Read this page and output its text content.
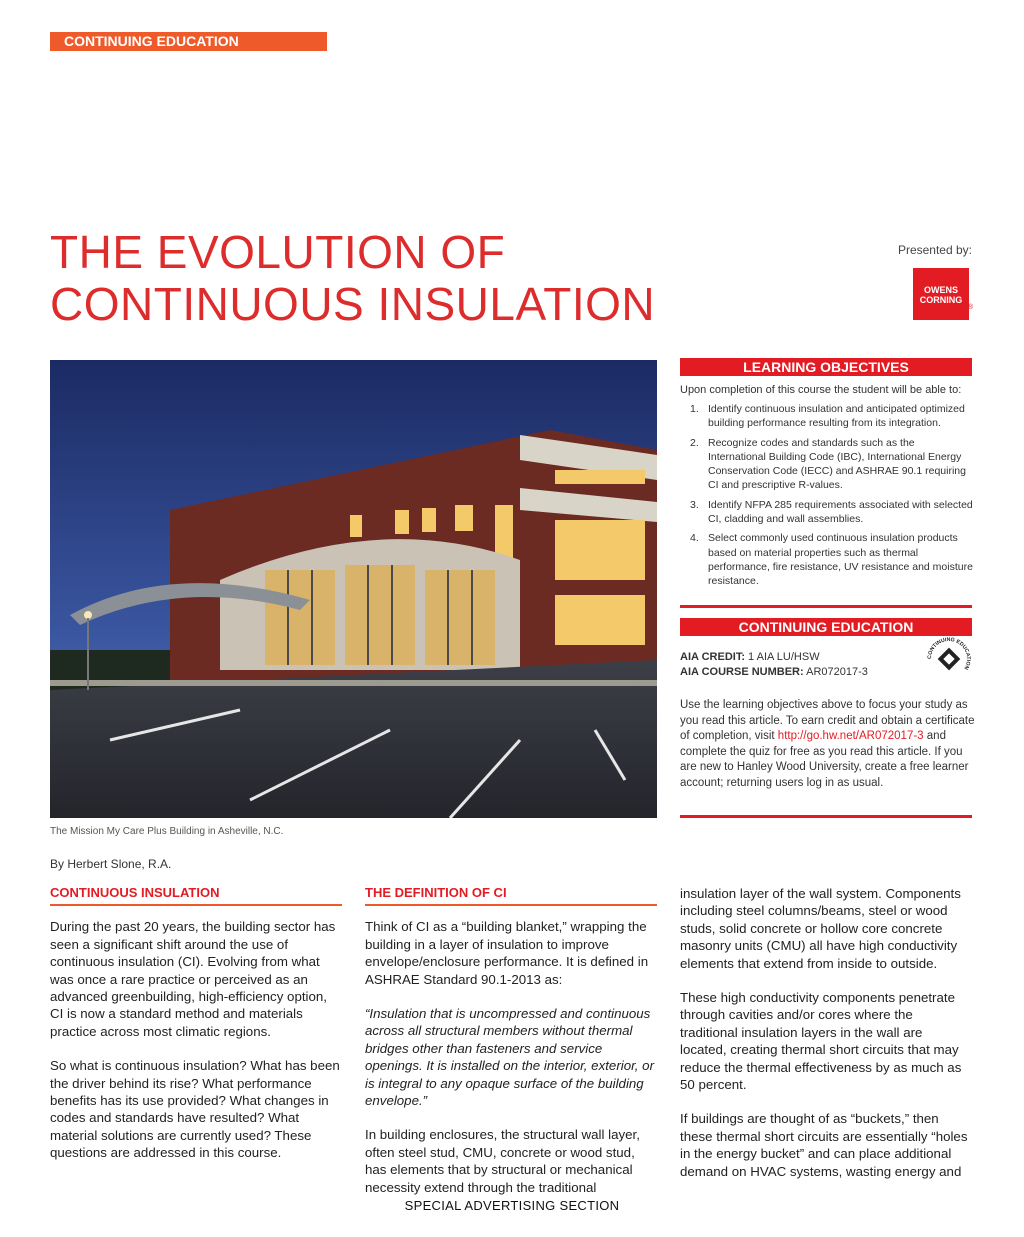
CONTINUING EDUCATION
THE EVOLUTION OF
CONTINUOUS INSULATION
Presented by:
OWENS
CORNING
®
The Mission My Care Plus Building in Asheville, N.C.
By Herbert Slone, R.A.
LEARNING OBJECTIVES
Upon completion of this course the student will be able to:
1. Identify continuous insulation and anticipated optimized building performance resulting from its integration.
2. Recognize codes and standards such as the International Building Code (IBC), International Energy Conservation Code (IECC) and ASHRAE 90.1 requiring CI and prescriptive R-values.
3. Identify NFPA 285 requirements associated with selected CI, cladding and wall assemblies.
4. Select commonly used continuous insulation products based on material properties such as thermal performance, fire resistance, UV resistance and moisture resistance.
CONTINUING EDUCATION
AIA CREDIT: 1 AIA LU/HSW
AIA COURSE NUMBER: AR072017-3
CONTINUING EDUCATION
Use the learning objectives above to focus your study as you read this article. To earn credit and obtain a certificate of completion, visit http://go.hw.net/AR072017-3 and complete the quiz for free as you read this article. If you are new to Hanley Wood University, create a free learner account; returning users log in as usual.
CONTINUOUS INSULATION

During the past 20 years, the building sector has seen a significant shift around the use of continuous insulation (CI). Evolving from what was once a rare practice or perceived as an advanced greenbuilding, high-efficiency option, CI is now a standard method and materials practice across most climatic regions.

So what is continuous insulation? What has been the driver behind its rise? What performance benefits has its use provided? What changes in codes and standards have resulted? What material solutions are currently used? These questions are addressed in this course.

THE DEFINITION OF CI

Think of CI as a “building blanket,” wrapping the building in a layer of insulation to improve envelope/enclosure performance. It is defined in ASHRAE Standard 90.1-2013 as:

“Insulation that is uncompressed and continuous across all structural members without thermal bridges other than fasteners and service openings. It is installed on the interior, exterior, or is integral to any opaque surface of the building envelope.”

In building enclosures, the structural wall layer, often steel stud, CMU, concrete or wood stud, has elements that by structural or mechanical necessity extend through the traditional

insulation layer of the wall system. Components including steel columns/beams, steel or wood studs, solid concrete or hollow core concrete masonry units (CMU) all have high conductivity elements that extend from inside to outside.

These high conductivity components penetrate through cavities and/or cores where the traditional insulation layers in the wall are located, creating thermal short circuits that may reduce the thermal effectiveness by as much as 50 percent.

If buildings are thought of as “buckets,” then these thermal short circuits are essentially “holes in the energy bucket” and can place additional demand on HVAC systems, wasting energy and

SPECIAL ADVERTISING SECTION
